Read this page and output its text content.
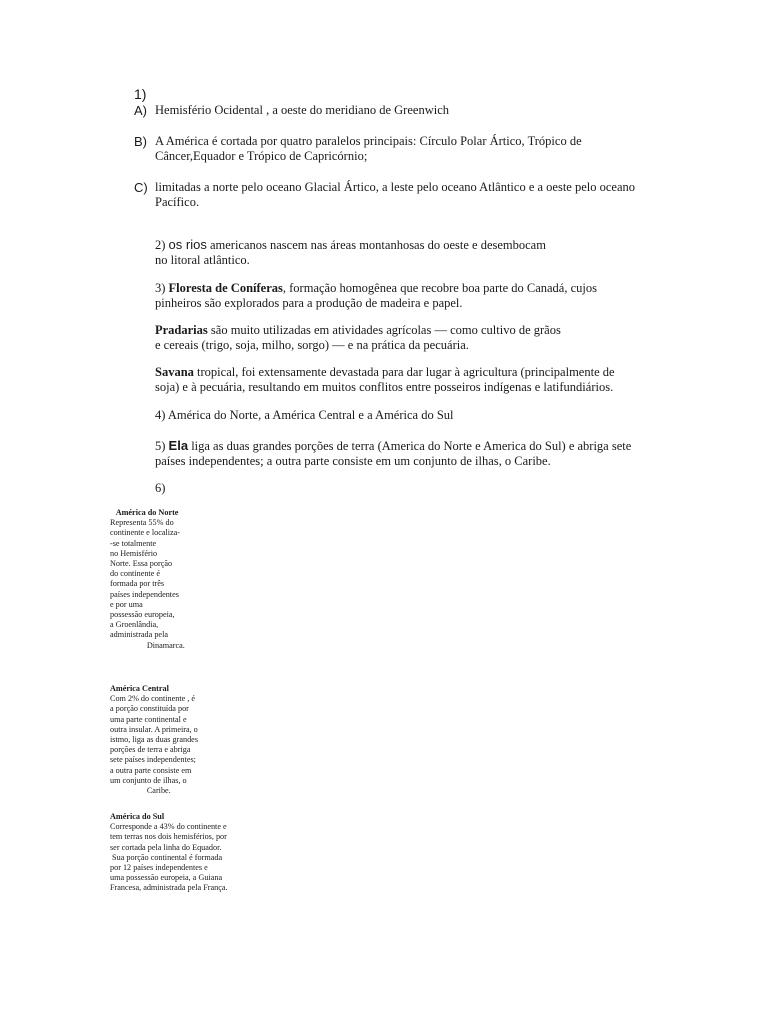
1)
A) Hemisfério Ocidental , a oeste do meridiano de Greenwich
B) A América é cortada por quatro paralelos principais: Círculo Polar Ártico, Trópico de
Câncer,Equador e Trópico de Capricórnio;
C) limitadas a norte pelo oceano Glacial Ártico, a leste pelo oceano Atlântico e a oeste pelo oceano
Pacífico.
2) os rios americanos nascem nas áreas montanhosas do oeste e desembocam
no litoral atlântico.
3) Floresta de Coníferas, formação homogênea que recobre boa parte do Canadá, cujos
pinheiros são explorados para a produção de madeira e papel.
Pradarias são muito utilizadas em atividades agrícolas — como cultivo de grãos
e cereais (trigo, soja, milho, sorgo) — e na prática da pecuária.
Savana tropical, foi extensamente devastada para dar lugar à agricultura (principalmente de
soja) e à pecuária, resultando em muitos conflitos entre posseiros indígenas e latifundiários.
4) América do Norte, a América Central e a América do Sul
5) Ela liga as duas grandes porções de terra (America do Norte e America do Sul) e abriga sete
países independentes; a outra parte consiste em um conjunto de ilhas, o Caribe.
6)
América do Norte
Representa 55% do
continente e localiza-
-se totalmente
no Hemisfério
Norte. Essa porção
do continente é
formada por três
países independentes
e por uma
possessão europeia,
a Groenlândia,
administrada pela
Dinamarca.
América Central
Com 2% do continente , é
a porção constituída por
uma parte continental e
outra insular. A primeira, o
istmo, liga as duas grandes
porções de terra e abriga
sete países independentes;
a outra parte consiste em
um conjunto de ilhas, o
Caribe.
América do Sul
Corresponde a 43% do continente e
tem terras nos dois hemisférios, por
ser cortada pela linha do Equador.
Sua porção continental é formada
por 12 países independentes e
uma possessão europeia, a Guiana
Francesa, administrada pela França.
